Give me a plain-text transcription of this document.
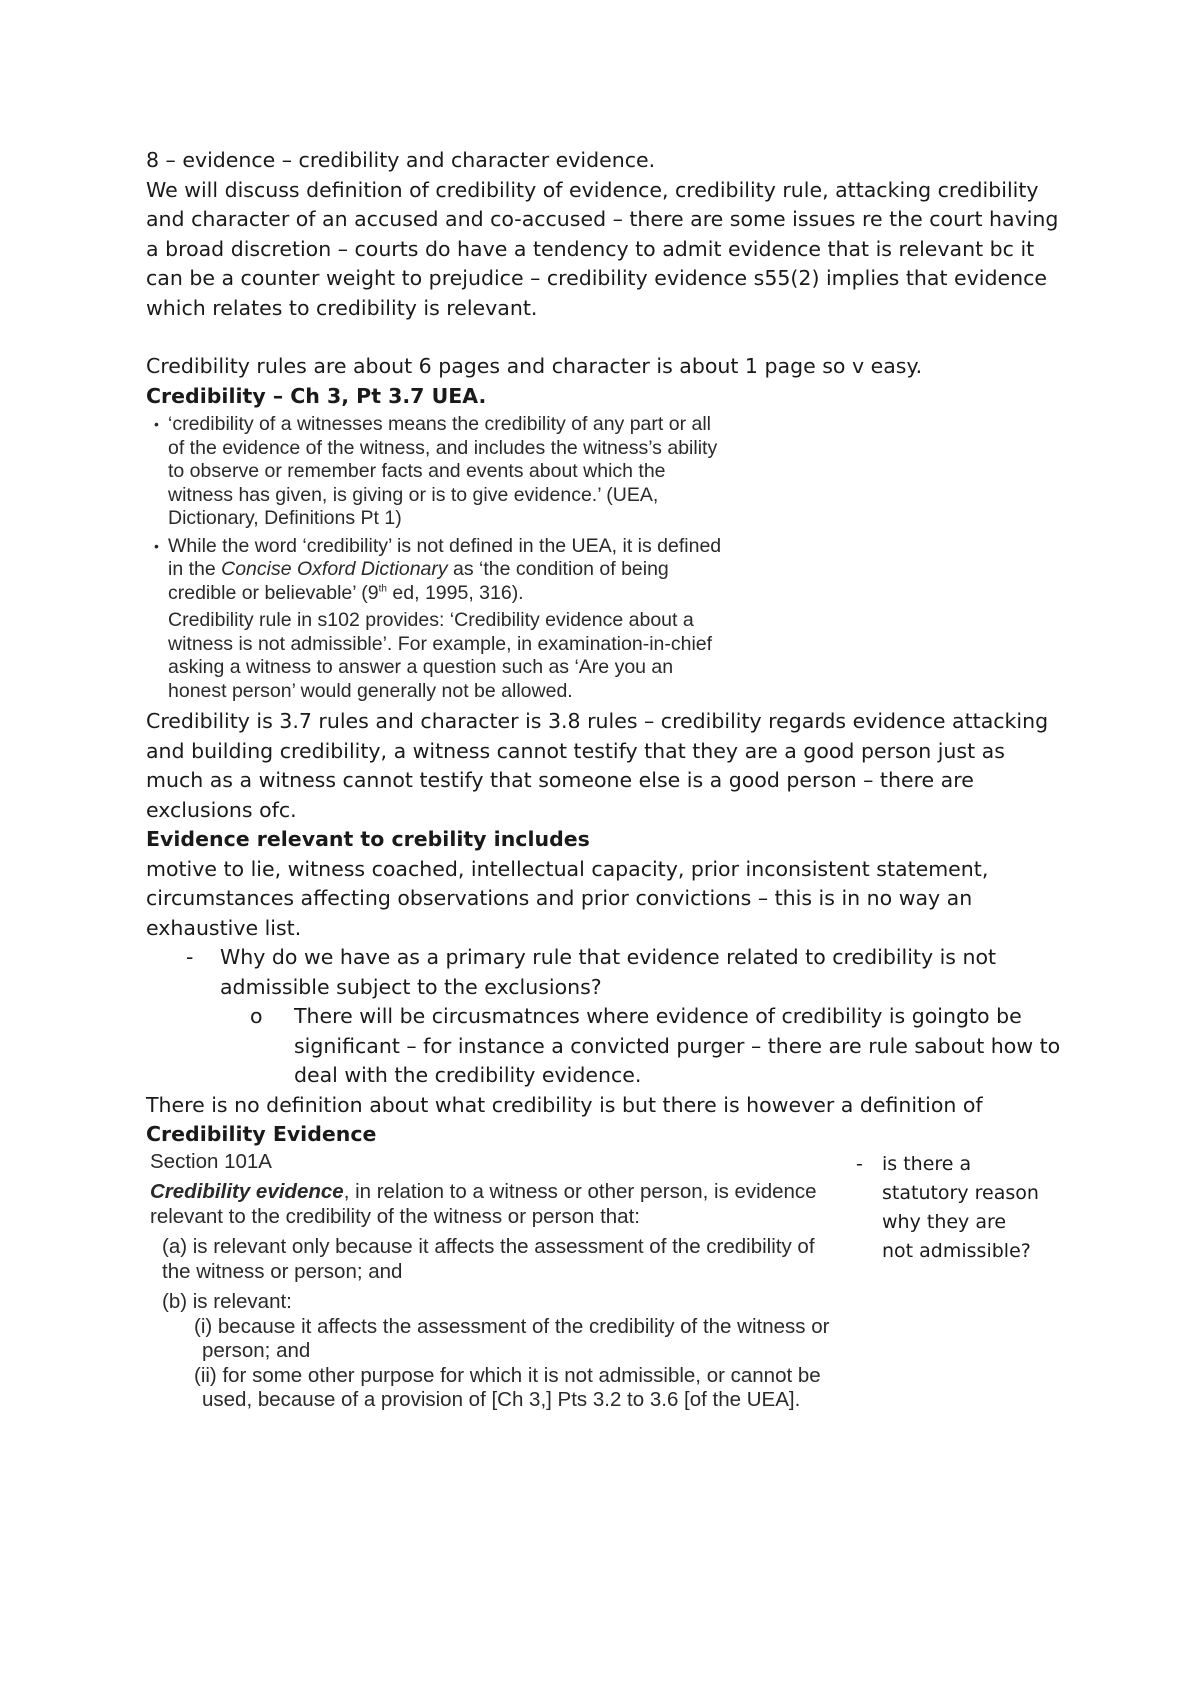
8 – evidence – credibility and character evidence.

We will discuss definition of credibility of evidence, credibility rule, attacking credibility and character of an accused and co-accused – there are some issues re the court having a broad discretion – courts do have a tendency to admit evidence that is relevant bc it can be a counter weight to prejudice – credibility evidence s55(2) implies that evidence which relates to credibility is relevant.

Credibility rules are about 6 pages and character is about 1 page so v easy.

Credibility – Ch 3, Pt 3.7 UEA.

• ‘credibility of a witnesses means the credibility of any part or all of the evidence of the witness, and includes the witness’s ability to observe or remember facts and events about which the witness has given, is giving or is to give evidence.’ (UEA, Dictionary, Definitions Pt 1)
• While the word ‘credibility’ is not defined in the UEA, it is defined in the Concise Oxford Dictionary as ‘the condition of being credible or believable’ (9th ed, 1995, 316).
Credibility rule in s102 provides: ‘Credibility evidence about a witness is not admissible’. For example, in examination-in-chief asking a witness to answer a question such as ‘Are you an honest person’ would generally not be allowed.

Credibility is 3.7 rules and character is 3.8 rules – credibility regards evidence attacking and building credibility, a witness cannot testify that they are a good person just as much as a witness cannot testify that someone else is a good person – there are exclusions ofc.

Evidence relevant to crebility includes

motive to lie, witness coached, intellectual capacity, prior inconsistent statement, circumstances affecting observations and prior convictions – this is in no way an exhaustive list.

- Why do we have as a primary rule that evidence related to credibility is not admissible subject to the exclusions?
o There will be circusmatnces where evidence of credibility is goingto be significant – for instance a convicted purger – there are rule sabout how to deal with the credibility evidence.

There is no definition about what credibility is but there is however a definition of Credibility Evidence

Section 101A
Credibility evidence, in relation to a witness or other person, is evidence relevant to the credibility of the witness or person that:
(a) is relevant only because it affects the assessment of the credibility of the witness or person; and
(b) is relevant:
(i) because it affects the assessment of the credibility of the witness or person; and
(ii) for some other purpose for which it is not admissible, or cannot be used, because of a provision of [Ch 3,] Pts 3.2 to 3.6 [of the UEA].
- is there a statutory reason why they are not admissible?
